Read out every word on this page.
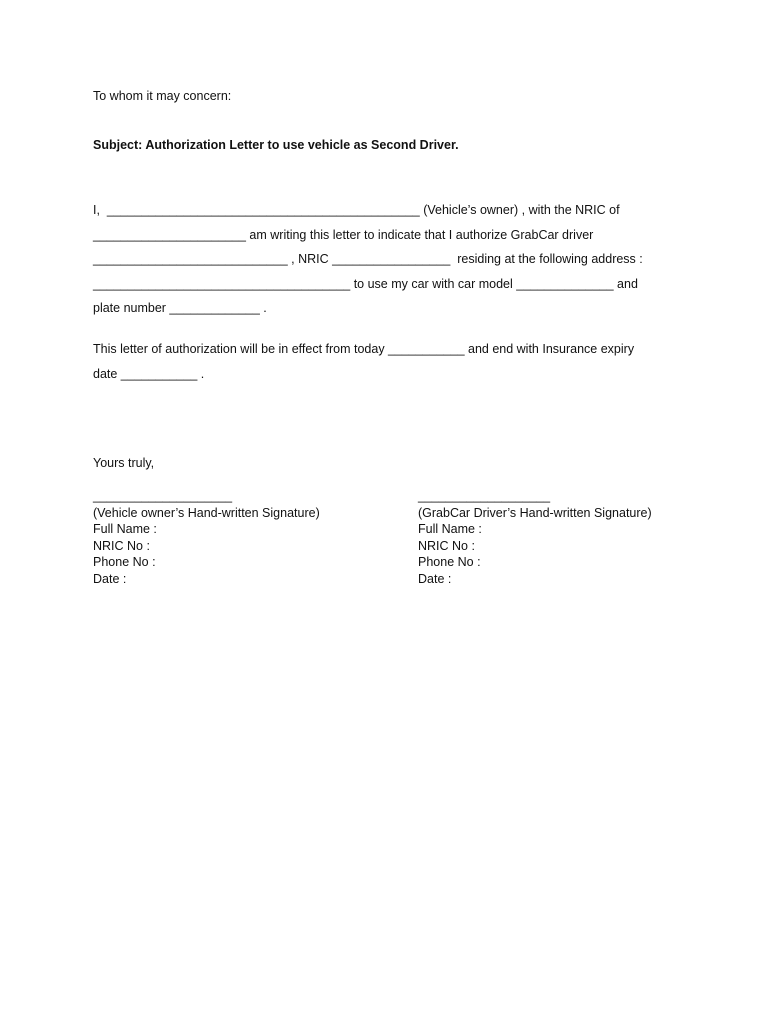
To whom it may concern:
Subject: Authorization Letter to use vehicle as Second Driver.
I,  _____________________________________________ (Vehicle’s owner) , with the NRIC of
______________________ am writing this letter to indicate that I authorize GrabCar driver
____________________________ , NRIC _________________  residing at the following address :
_____________________________________ to use my car with car model ______________ and
plate number _____________ .
This letter of authorization will be in effect from today ___________ and end with Insurance expiry
date ___________ .
Yours truly,
____________________
(Vehicle owner’s Hand-written Signature)
Full Name :
NRIC No :
Phone No :
Date :
___________________
(GrabCar Driver’s Hand-written Signature)
Full Name :
NRIC No :
Phone No :
Date :
